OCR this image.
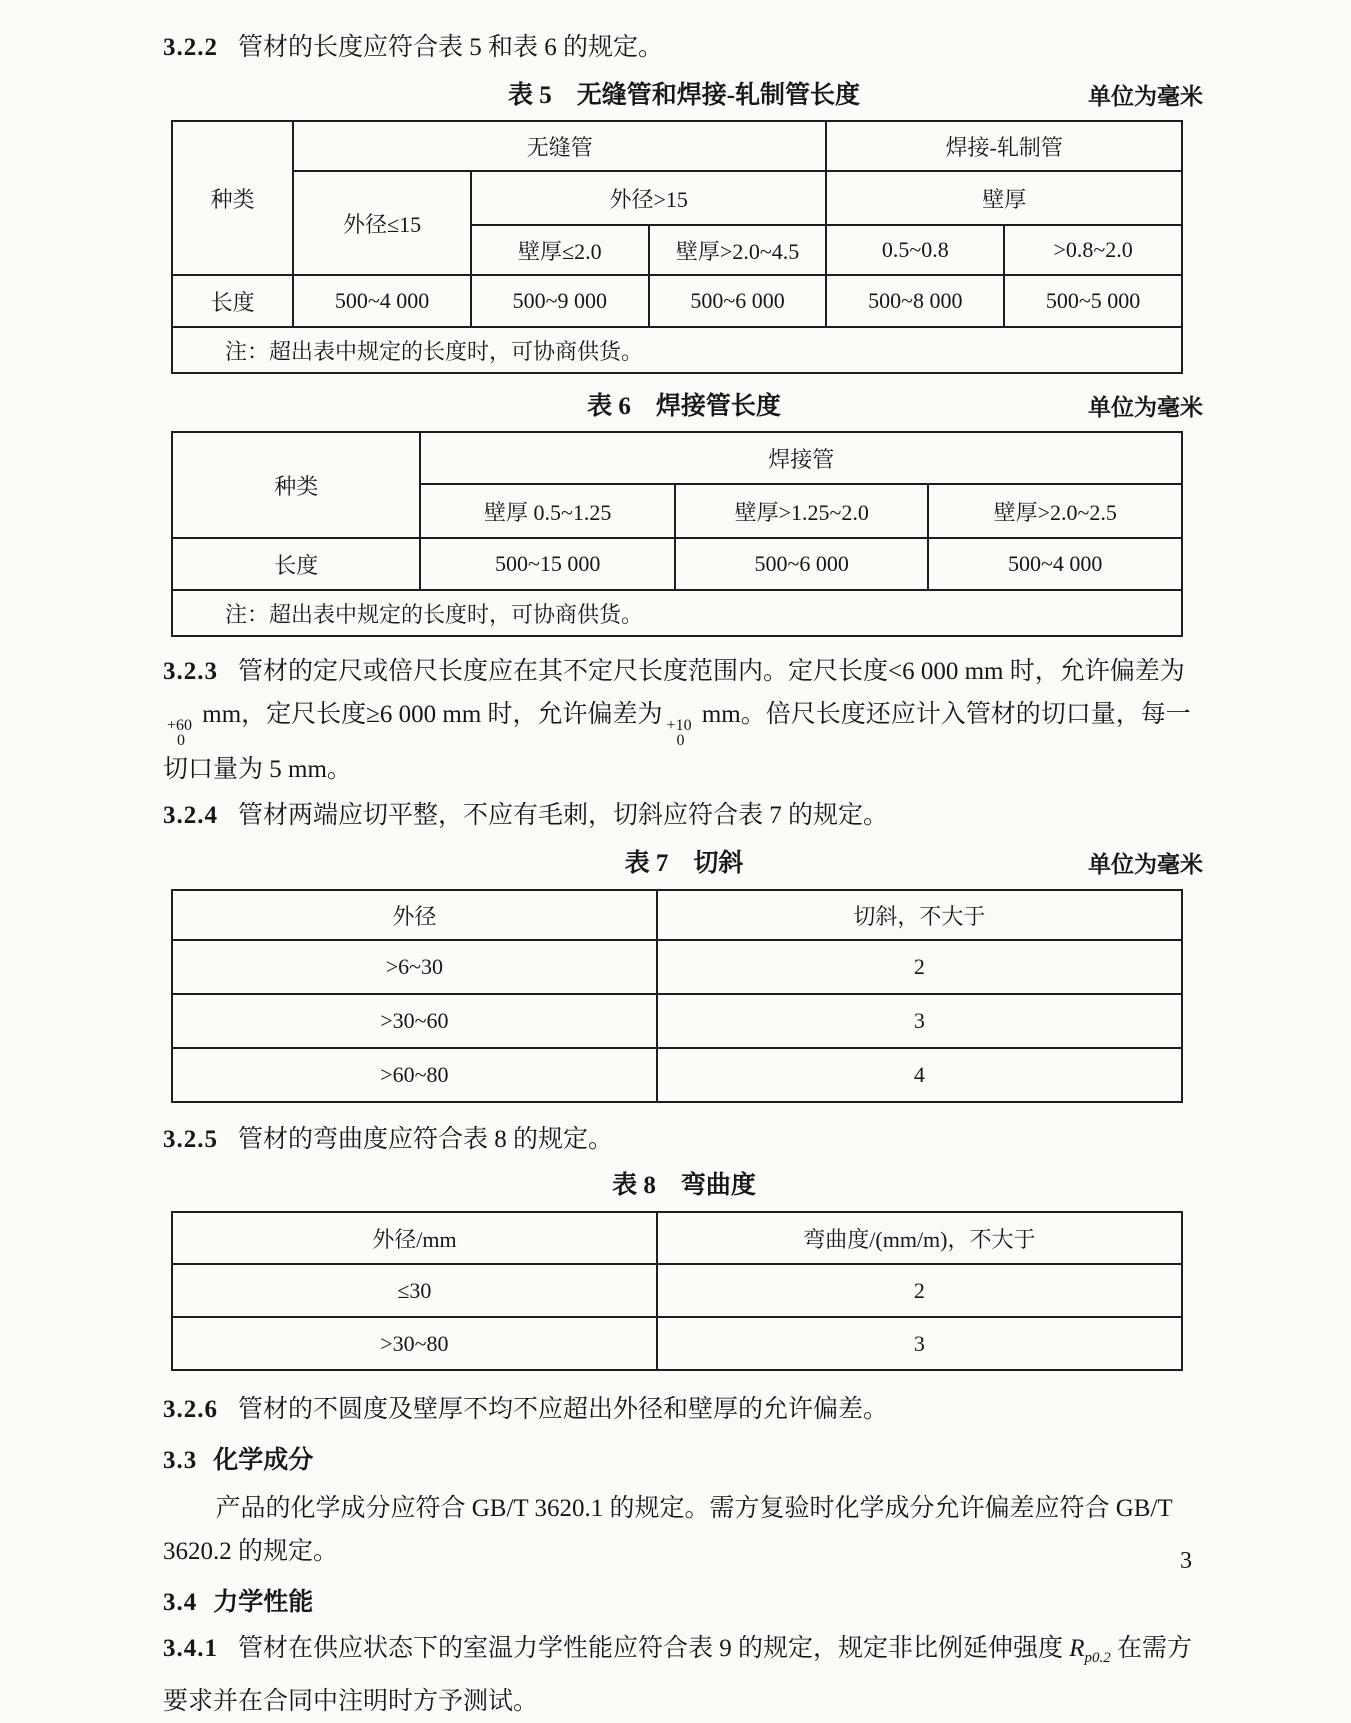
3.2.2 管材的长度应符合表 5 和表 6 的规定。

表 5　无缝管和焊接-轧制管长度	单位为毫米
种类	无缝管			焊接-轧制管	
	外径≤15	外径>15		壁厚	
		壁厚≤2.0	壁厚>2.0~4.5	0.5~0.8	>0.8~2.0
长度	500~4 000	500~9 000	500~6 000	500~8 000	500~5 000
注：超出表中规定的长度时，可协商供货。					
表 6　焊接管长度	单位为毫米
种类	焊接管		
	壁厚 0.5~1.25	壁厚>1.25~2.0	壁厚>2.0~2.5
长度	500~15 000	500~6 000	500~4 000
注：超出表中规定的长度时，可协商供货。			

3.2.3 管材的定尺或倍尺长度应在其不定尺长度范围内。定尺长度<6 000 mm 时，允许偏差为
+60
0
mm，定尺长度≥6 000 mm 时，允许偏差为 +10
0
mm。倍尺长度还应计入管材的切口量，每一切口量为 5 mm。

3.2.4 管材两端应切平整，不应有毛刺，切斜应符合表 7 的规定。

表 7　切斜	单位为毫米
外径	切斜，不大于
>6~30	2
>30~60	3
>60~80	4

3.2.5 管材的弯曲度应符合表 8 的规定。

表 8　弯曲度
外径/mm	弯曲度/(mm/m)，不大于
≤30	2
>30~80	3

3.2.6 管材的不圆度及壁厚不均不应超出外径和壁厚的允许偏差。

3.3 化学成分

产品的化学成分应符合 GB/T 3620.1 的规定。需方复验时化学成分允许偏差应符合 GB/T 3620.2 的规定。

3.4 力学性能

3.4.1 管材在供应状态下的室温力学性能应符合表 9 的规定，规定非比例延伸强度 $R_{p0.2}$ 在需方要求并在合同中注明时方予测试。

3
